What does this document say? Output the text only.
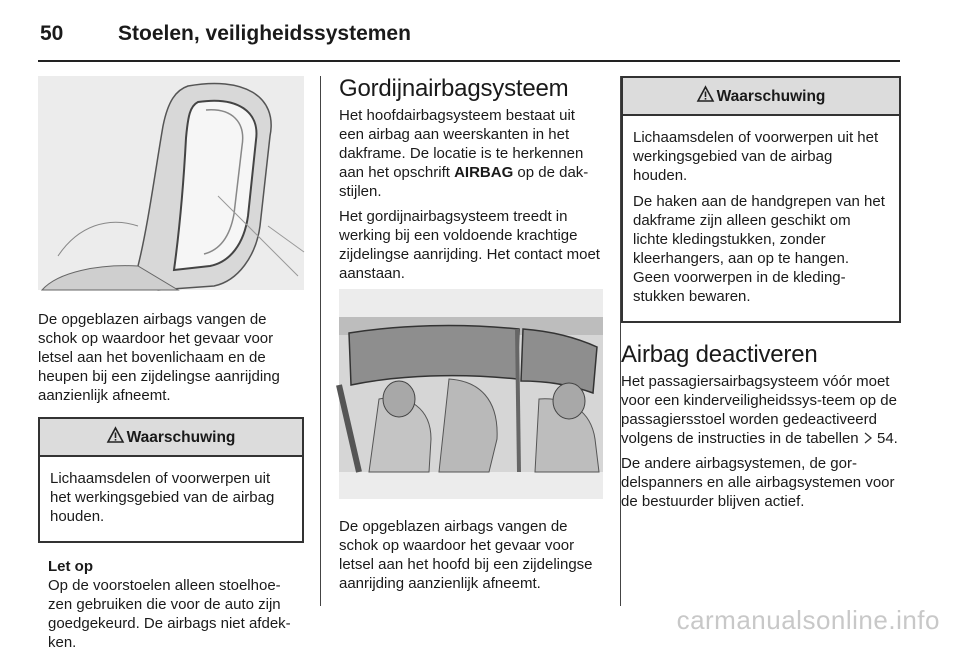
50	Stoelen, veiligheidssystemen

De opgeblazen airbags vangen de schok op waardoor het gevaar voor letsel aan het bovenlichaam en de heupen bij een zijdelingse aanrijding aanzienlijk afneemt.

Waarschuwing

Lichaamsdelen of voorwerpen uit het werkingsgebied van de airbag houden.

Let op
Op de voorstoelen alleen stoelhoe-zen gebruiken die voor de auto zijn goedgekeurd. De airbags niet afdek-ken.
Gordijnairbagsysteem

Het hoofdairbagsysteem bestaat uit een airbag aan weerskanten in het dakframe. De locatie is te herkennen aan het opschrift AIRBAG op de dak-stijlen.

Het gordijnairbagsysteem treedt in werking bij een voldoende krachtige zijdelingse aanrijding. Het contact moet aanstaan.

De opgeblazen airbags vangen de schok op waardoor het gevaar voor letsel aan het hoofd bij een zijdelingse aanrijding aanzienlijk afneemt.

Waarschuwing

Lichaamsdelen of voorwerpen uit het werkingsgebied van de airbag houden.

De haken aan de handgrepen van het dakframe zijn alleen geschikt om lichte kledingstukken, zonder kleerhangers, aan op te hangen. Geen voorwerpen in de kleding-stukken bewaren.

Airbag deactiveren

Het passagiersairbagsysteem vóór moet voor een kinderveiligheidssys-teem op de passagiersstoel worden gedeactiveerd volgens de instructies in de tabellen 54.

De andere airbagsystemen, de gor-delspanners en alle airbagsystemen voor de bestuurder blijven actief.

carmanualsonline.info
